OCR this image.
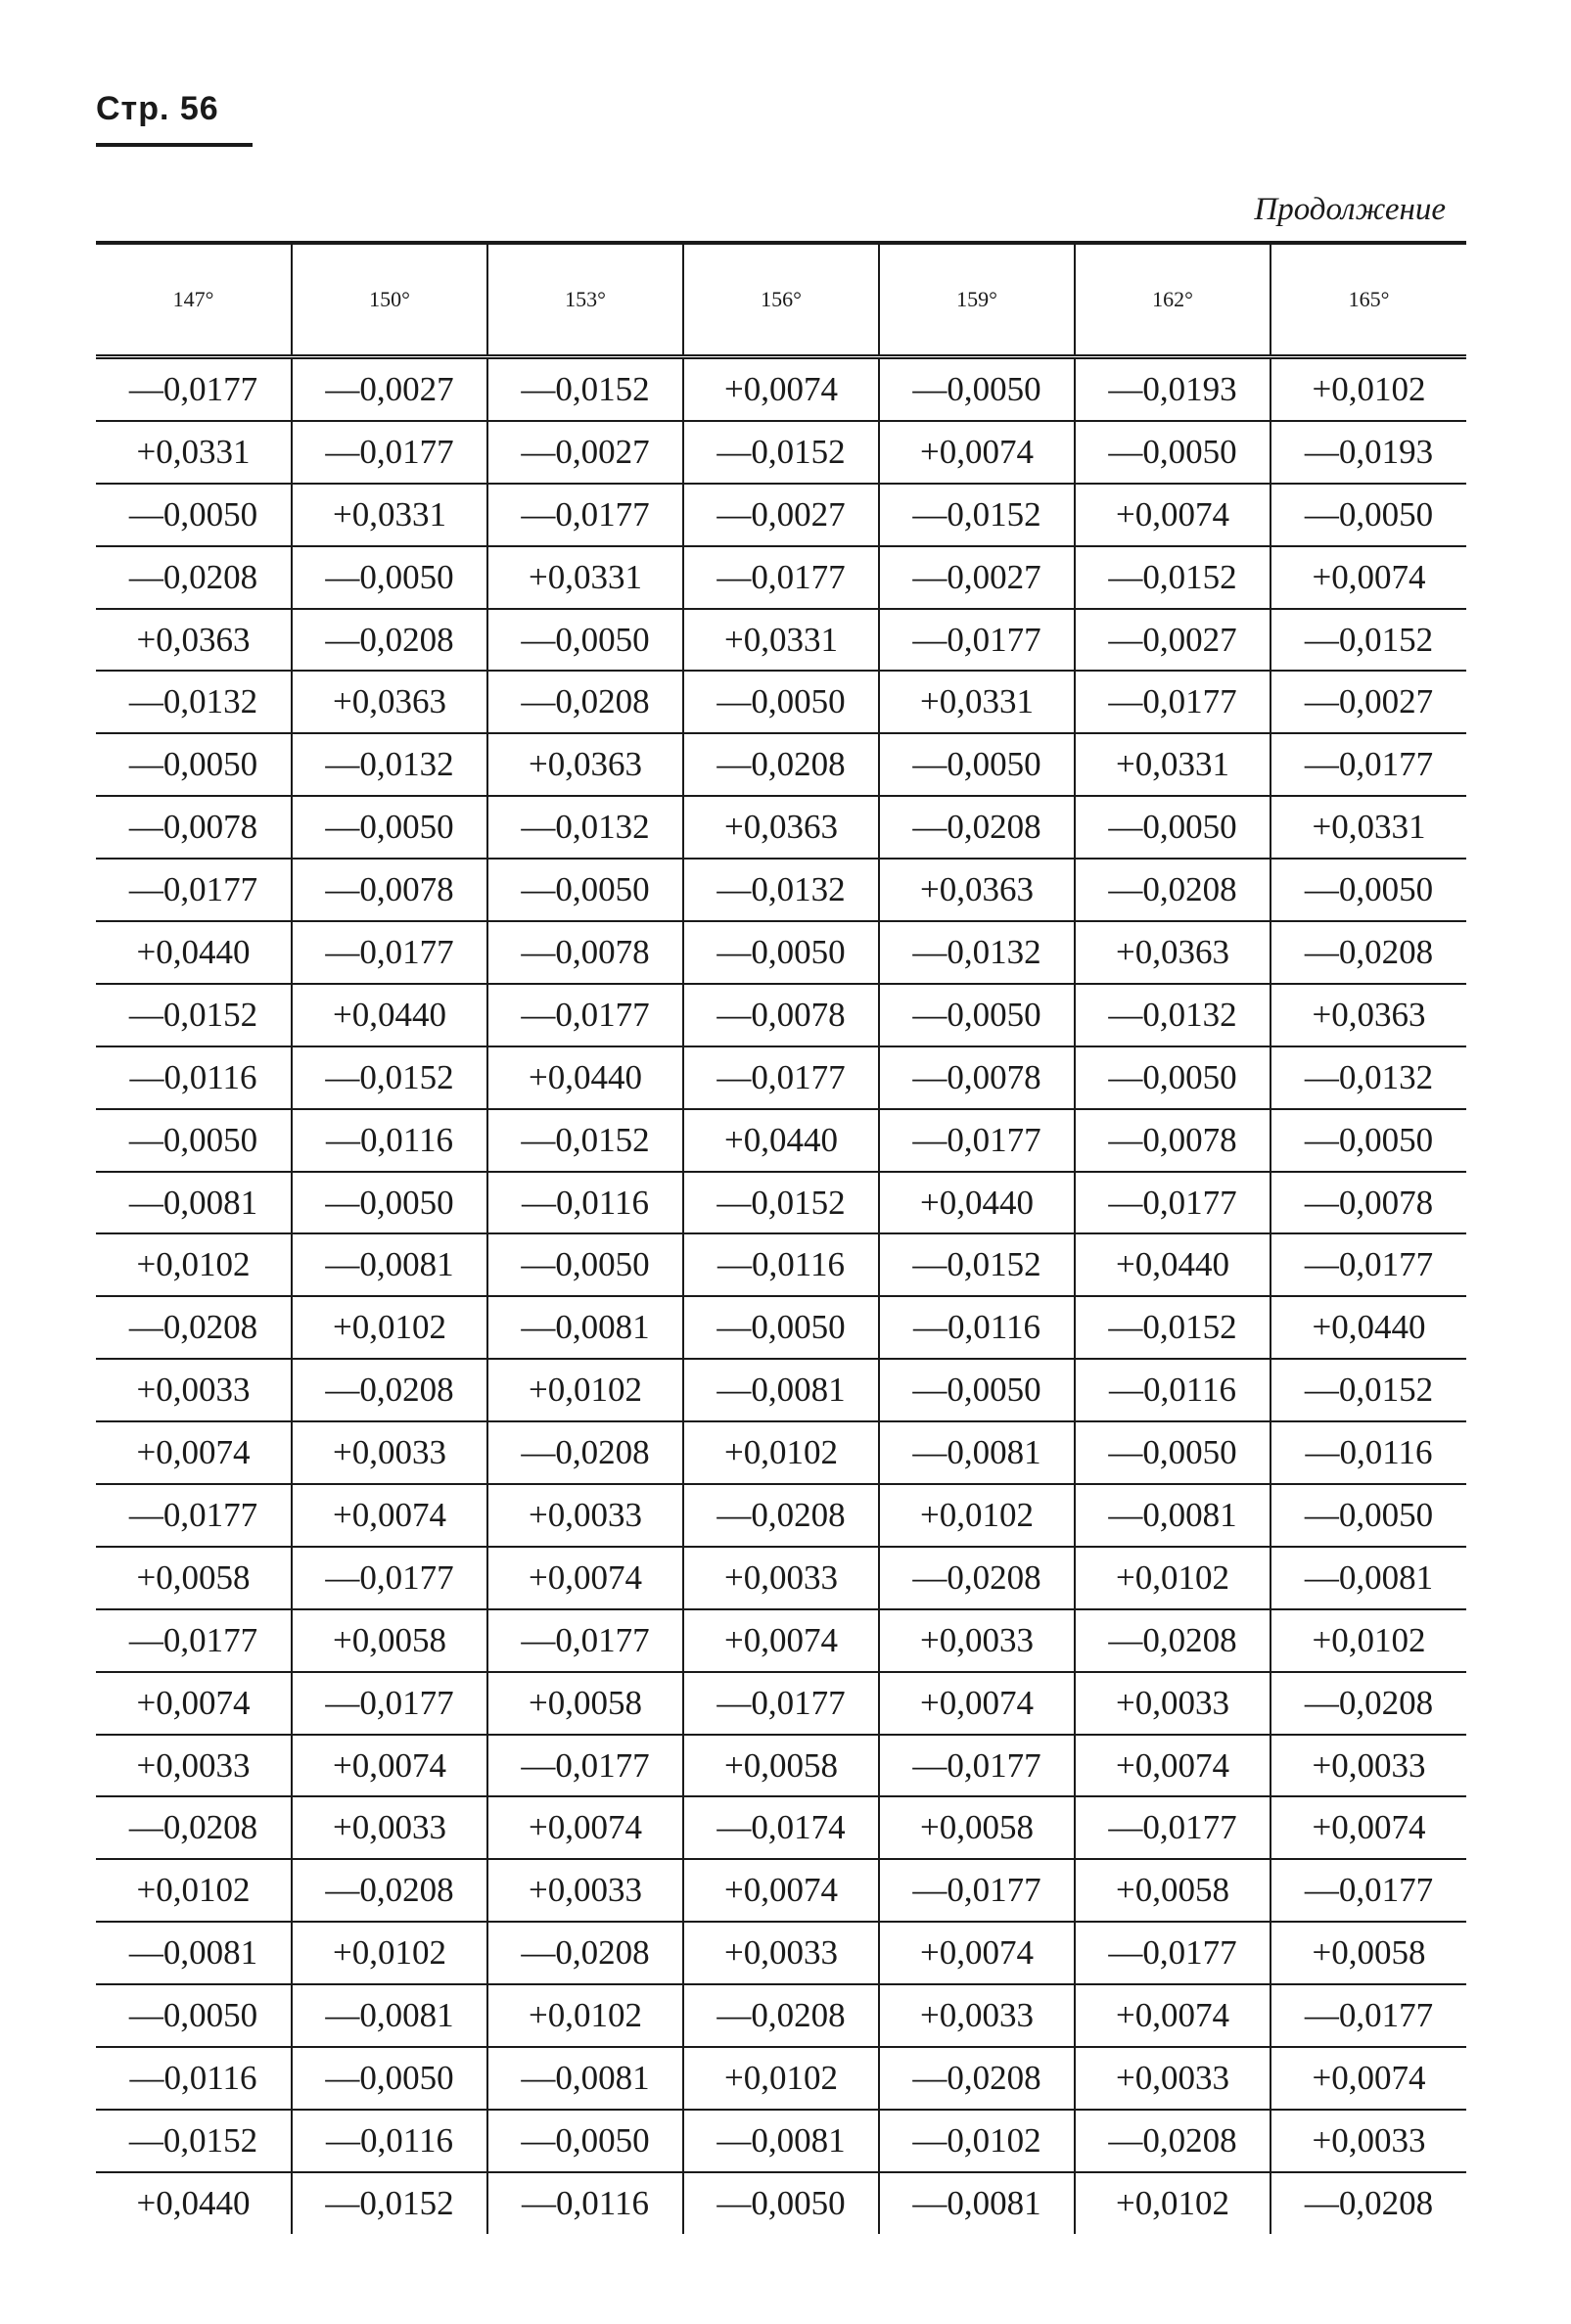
Стр. 56
Продолжение
147°	150°	153°	156°	159°	162°	165°
—0,0177	—0,0027	—0,0152	+0,0074	—0,0050	—0,0193	+0,0102
+0,0331	—0,0177	—0,0027	—0,0152	+0,0074	—0,0050	—0,0193
—0,0050	+0,0331	—0,0177	—0,0027	—0,0152	+0,0074	—0,0050
—0,0208	—0,0050	+0,0331	—0,0177	—0,0027	—0,0152	+0,0074
+0,0363	—0,0208	—0,0050	+0,0331	—0,0177	—0,0027	—0,0152
—0,0132	+0,0363	—0,0208	—0,0050	+0,0331	—0,0177	—0,0027
—0,0050	—0,0132	+0,0363	—0,0208	—0,0050	+0,0331	—0,0177
—0,0078	—0,0050	—0,0132	+0,0363	—0,0208	—0,0050	+0,0331
—0,0177	—0,0078	—0,0050	—0,0132	+0,0363	—0,0208	—0,0050
+0,0440	—0,0177	—0,0078	—0,0050	—0,0132	+0,0363	—0,0208
—0,0152	+0,0440	—0,0177	—0,0078	—0,0050	—0,0132	+0,0363
—0,0116	—0,0152	+0,0440	—0,0177	—0,0078	—0,0050	—0,0132
—0,0050	—0,0116	—0,0152	+0,0440	—0,0177	—0,0078	—0,0050
—0,0081	—0,0050	—0,0116	—0,0152	+0,0440	—0,0177	—0,0078
+0,0102	—0,0081	—0,0050	—0,0116	—0,0152	+0,0440	—0,0177
—0,0208	+0,0102	—0,0081	—0,0050	—0,0116	—0,0152	+0,0440
+0,0033	—0,0208	+0,0102	—0,0081	—0,0050	—0,0116	—0,0152
+0,0074	+0,0033	—0,0208	+0,0102	—0,0081	—0,0050	—0,0116
—0,0177	+0,0074	+0,0033	—0,0208	+0,0102	—0,0081	—0,0050
+0,0058	—0,0177	+0,0074	+0,0033	—0,0208	+0,0102	—0,0081
—0,0177	+0,0058	—0,0177	+0,0074	+0,0033	—0,0208	+0,0102
+0,0074	—0,0177	+0,0058	—0,0177	+0,0074	+0,0033	—0,0208
+0,0033	+0,0074	—0,0177	+0,0058	—0,0177	+0,0074	+0,0033
—0,0208	+0,0033	+0,0074	—0,0174	+0,0058	—0,0177	+0,0074
+0,0102	—0,0208	+0,0033	+0,0074	—0,0177	+0,0058	—0,0177
—0,0081	+0,0102	—0,0208	+0,0033	+0,0074	—0,0177	+0,0058
—0,0050	—0,0081	+0,0102	—0,0208	+0,0033	+0,0074	—0,0177
—0,0116	—0,0050	—0,0081	+0,0102	—0,0208	+0,0033	+0,0074
—0,0152	—0,0116	—0,0050	—0,0081	—0,0102	—0,0208	+0,0033
+0,0440	—0,0152	—0,0116	—0,0050	—0,0081	+0,0102	—0,0208
